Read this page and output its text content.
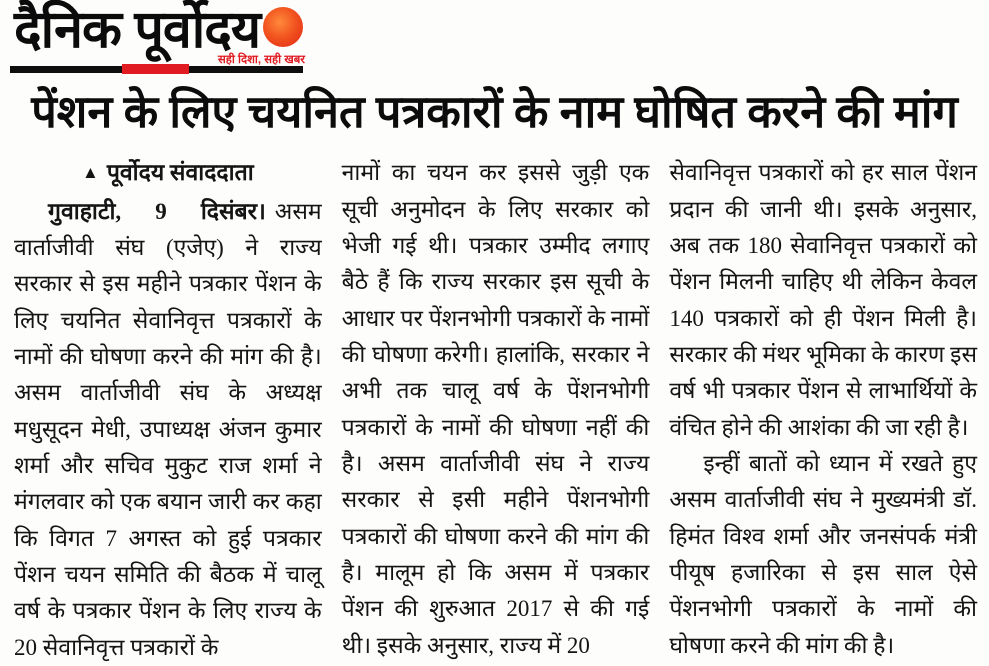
दैनिक पूर्वोदय
सही दिशा, सही खबर
पेंशन के लिए चयनित पत्रकारों के नाम घोषित करने की मांग
▲ पूर्वोदय संवाददाता

गुवाहाटी, 9 दिसंबर। असम वार्ताजीवी संघ (एजेए) ने राज्य सरकार से इस महीने पत्रकार पेंशन के लिए चयनित सेवानिवृत्त पत्रकारों के नामों की घोषणा करने की मांग की है। असम वार्ताजीवी संघ के अध्यक्ष मधुसूदन मेधी, उपाध्यक्ष अंजन कुमार शर्मा और सचिव मुकुट राज शर्मा ने मंगलवार को एक बयान जारी कर कहा कि विगत 7 अगस्त को हुई पत्रकार पेंशन चयन समिति की बैठक में चालू वर्ष के पत्रकार पेंशन के लिए राज्य के 20 सेवानिवृत्त पत्रकारों के

नामों का चयन कर इससे जुड़ी एक सूची अनुमोदन के लिए सरकार को भेजी गई थी। पत्रकार उम्मीद लगाए बैठे हैं कि राज्य सरकार इस सूची के आधार पर पेंशनभोगी पत्रकारों के नामों की घोषणा करेगी। हालांकि, सरकार ने अभी तक चालू वर्ष के पेंशनभोगी पत्रकारों के नामों की घोषणा नहीं की है। असम वार्ताजीवी संघ ने राज्य सरकार से इसी महीने पेंशनभोगी पत्रकारों की घोषणा करने की मांग की है। मालूम हो कि असम में पत्रकार पेंशन की शुरुआत 2017 से की गई थी। इसके अनुसार, राज्य में 20

सेवानिवृत्त पत्रकारों को हर साल पेंशन प्रदान की जानी थी। इसके अनुसार, अब तक 180 सेवानिवृत्त पत्रकारों को पेंशन मिलनी चाहिए थी लेकिन केवल 140 पत्रकारों को ही पेंशन मिली है। सरकार की मंथर भूमिका के कारण इस वर्ष भी पत्रकार पेंशन से लाभार्थियों के वंचित होने की आशंका की जा रही है।

इन्हीं बातों को ध्यान में रखते हुए असम वार्ताजीवी संघ ने मुख्यमंत्री डॉ. हिमंत विश्व शर्मा और जनसंपर्क मंत्री पीयूष हजारिका से इस साल ऐसे पेंशनभोगी पत्रकारों के नामों की घोषणा करने की मांग की है।
